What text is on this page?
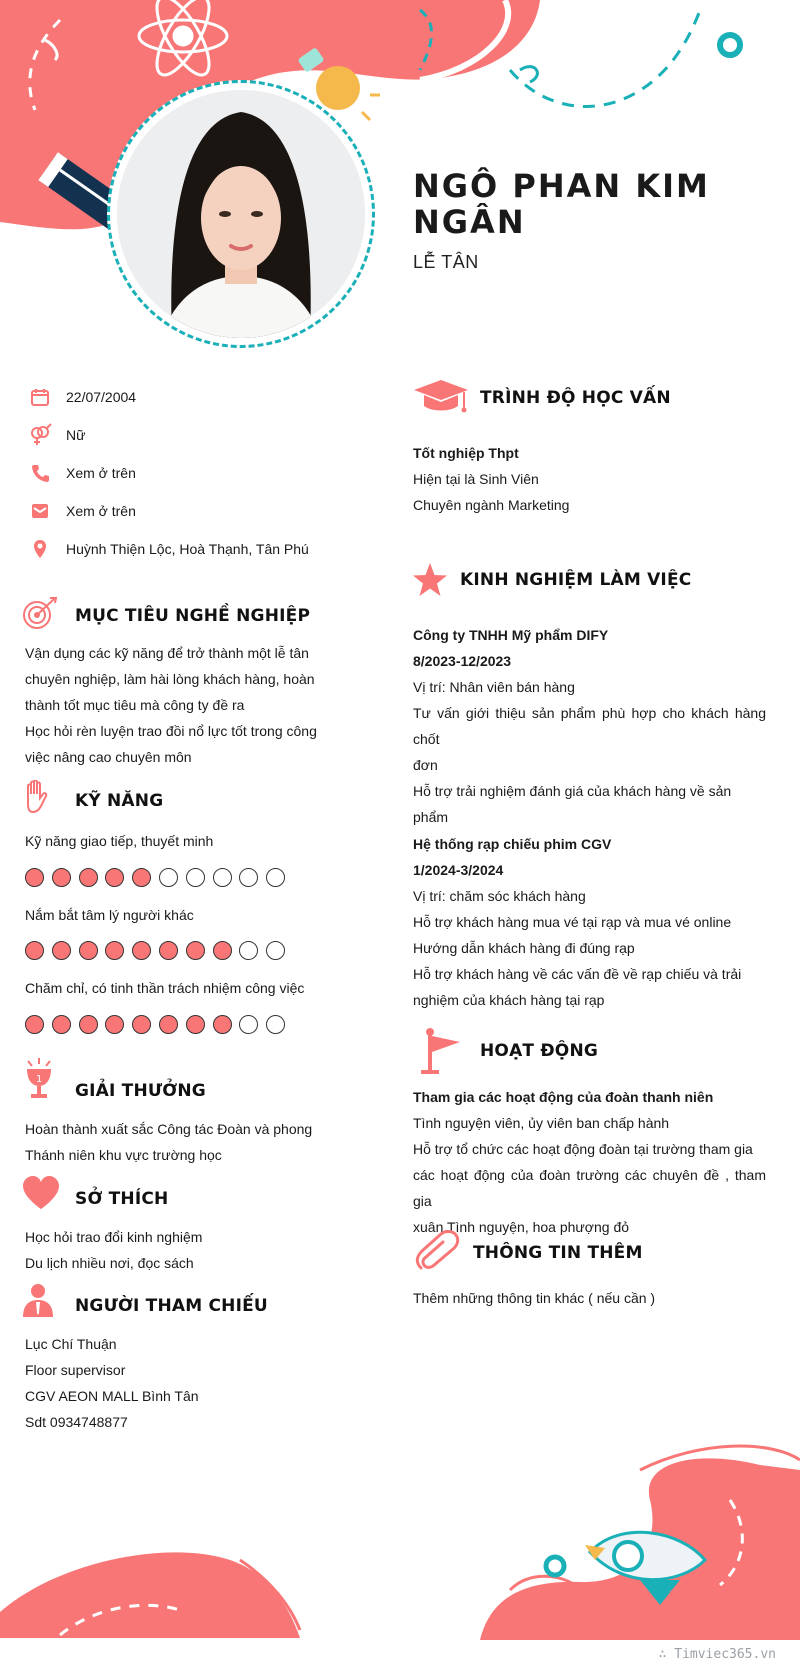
NGÔ PHAN KIM NGÂN
LỄ TÂN
22/07/2004
Nữ
Xem ở trên
Xem ở trên
Huỳnh Thiện Lộc, Hoà Thạnh, Tân Phú
MỤC TIÊU NGHỀ NGHIỆP
Vận dụng các kỹ năng để trở thành một lễ tân
chuyên nghiệp, làm hài lòng khách hàng, hoàn
thành tốt mục tiêu mà công ty đề ra
Học hỏi rèn luyện trao đồi nổ lực tốt trong công
việc nâng cao chuyên môn
KỸ NĂNG
Kỹ năng giao tiếp, thuyết minh
Nắm bắt tâm lý người khác
Chăm chỉ, có tinh thần trách nhiệm công việc
1
GIẢI THƯỞNG
Hoàn thành xuất sắc Công tác Đoàn và phong
Thánh niên khu vực trường học
SỞ THÍCH
Học hỏi trao đổi kinh nghiệm
Du lịch nhiều nơi, đọc sách
NGƯỜI THAM CHIẾU
Lục Chí Thuận
Floor supervisor
CGV AEON MALL Bình Tân
Sdt 0934748877
TRÌNH ĐỘ HỌC VẤN
Tốt nghiệp Thpt
Hiện tại là Sinh Viên
Chuyên ngành Marketing
KINH NGHIỆM LÀM VIỆC
Công ty TNHH Mỹ phẩm DIFY
8/2023-12/2023
Vị trí: Nhân viên bán hàng
Tư vấn giới thiệu sản phẩm phù hợp cho khách hàng chốt
đơn
Hỗ trợ trải nghiệm đánh giá của khách hàng về sản
phẩm
Hệ thống rạp chiếu phim CGV
1/2024-3/2024
Vị trí: chăm sóc khách hàng
Hỗ trợ khách hàng mua vé tại rạp và mua vé online
Hướng dẫn khách hàng đi đúng rạp
Hỗ trợ khách hàng về các vấn đề về rạp chiếu và trải
nghiệm của khách hàng tại rạp
HOẠT ĐỘNG
Tham gia các hoạt động của đoàn thanh niên
Tình nguyện viên, ủy viên ban chấp hành
Hỗ trợ tổ chức các hoạt động đoàn tại trường tham gia
các hoạt động của đoàn trường các chuyên đề , tham gia
xuân Tình nguyện, hoa phượng đỏ
THÔNG TIN THÊM
Thêm những thông tin khác ( nếu cần )
∴ Timviec365.vn
